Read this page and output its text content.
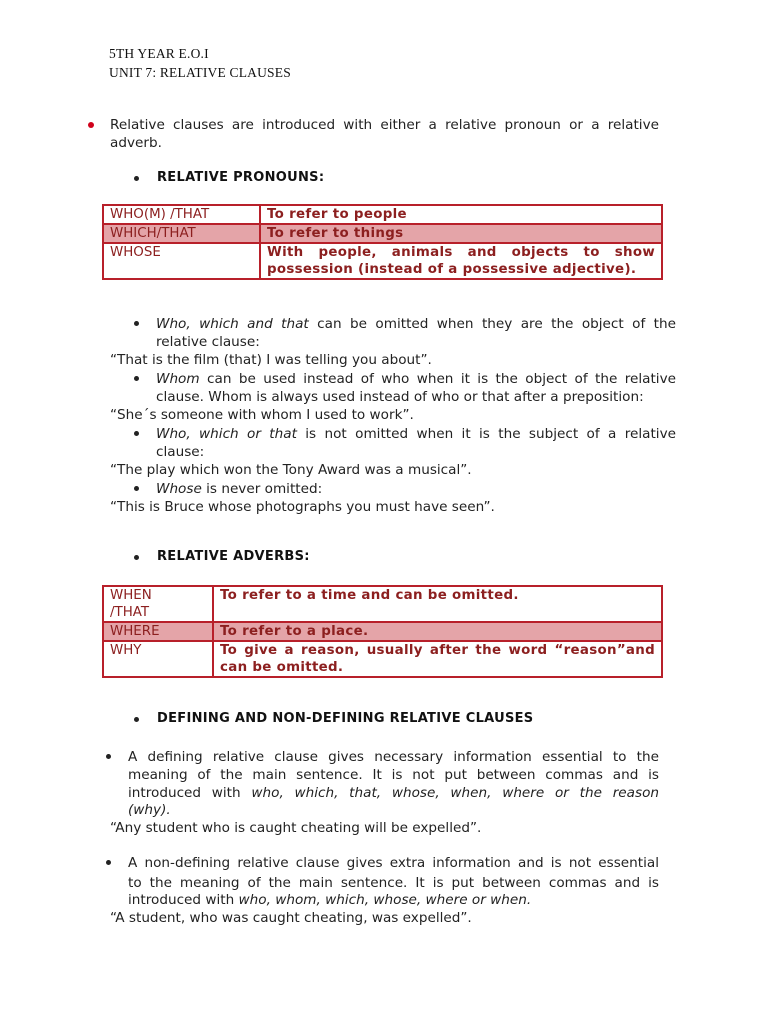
5TH YEAR E.O.I
UNIT 7: RELATIVE CLAUSES
Relative clauses are introduced with either a relative pronoun or a relative
adverb.
RELATIVE PRONOUNS:
WHO(M) /THAT	To refer to people
WHICH/THAT	To refer to things
WHOSE	With people, animals and objects to show
possession (instead of a possessive adjective).
Who, which and that can be omitted when they are the object of the
relative clause:
“That is the film (that) I was telling you about”.
Whom can be used instead of who when it is the object of the relative
clause. Whom is always used instead of who or that after a preposition:
“She´s someone with whom I used to work”.
Who, which or that is not omitted when it is the subject of a relative
clause:
“The play which won the Tony Award was a musical”.
Whose is never omitted:
“This is Bruce whose photographs you must have seen”.
RELATIVE ADVERBS:
WHEN
/THAT	To refer to a time and can be omitted.
WHERE	To refer to a place.
WHY	To give a reason, usually after the word “reason”and
can be omitted.
DEFINING AND NON-DEFINING RELATIVE CLAUSES
A defining relative clause gives necessary information essential to the
meaning of the main sentence. It is not put between commas and is
introduced with who, which, that, whose, when, where or the reason
(why).
“Any student who is caught cheating will be expelled”.
A non-defining relative clause gives extra information and is not essential
to the meaning of the main sentence. It is put between commas and is
introduced with who, whom, which, whose, where or when.
“A student, who was caught cheating, was expelled”.
